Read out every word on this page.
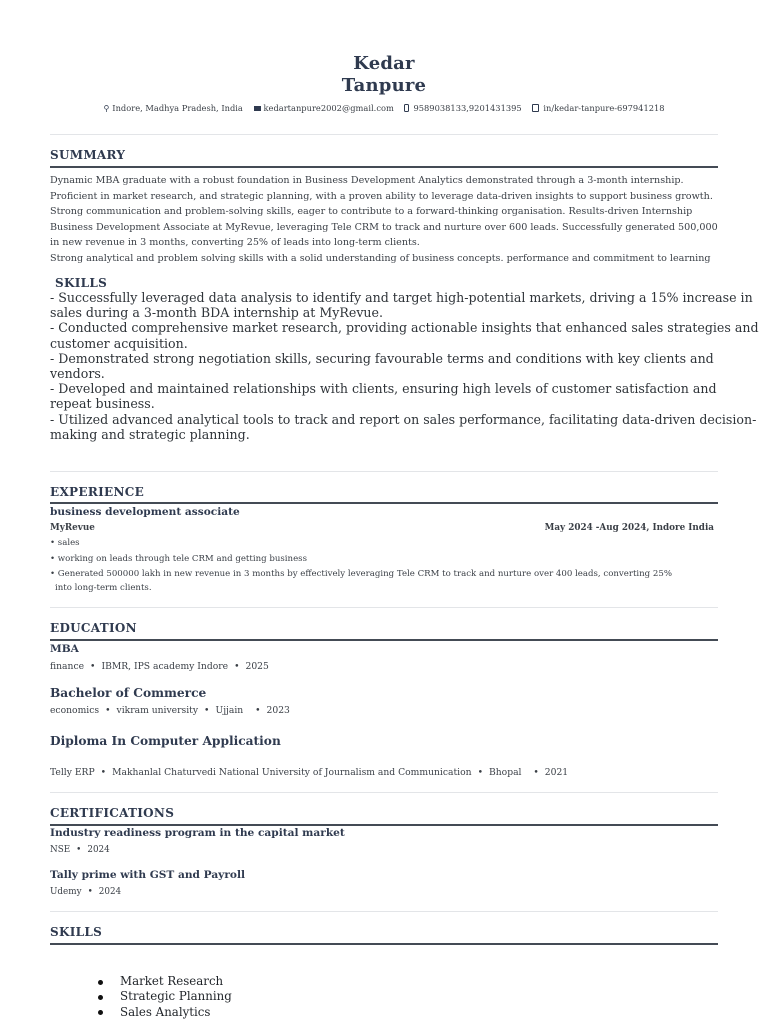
Kedar
Tanpure
⚲ Indore, Madhya Pradesh, India kedartanpure2002@gmail.com 9589038133,9201431395	in/kedar-tanpure-697941218
SUMMARY
Dynamic MBA graduate with a robust foundation in Business Development Analytics demonstrated through a 3-month internship.
Proficient in market research, and strategic planning, with a proven ability to leverage data-driven insights to support business growth.
Strong communication and problem-solving skills, eager to contribute to a forward-thinking organisation. Results-driven Internship
Business Development Associate at MyRevue, leveraging Tele CRM to track and nurture over 600 leads. Successfully generated 500,000
in new revenue in 3 months, converting 25% of leads into long-term clients.
Strong analytical and problem solving skills with a solid understanding of business concepts. performance and commitment to learning
SKILLS
- Successfully leveraged data analysis to identify and target high-potential markets, driving a 15% increase in
sales during a 3-month BDA internship at MyRevue.
- Conducted comprehensive market research, providing actionable insights that enhanced sales strategies and
customer acquisition.
- Demonstrated strong negotiation skills, securing favourable terms and conditions with key clients and
vendors.
- Developed and maintained relationships with clients, ensuring high levels of customer satisfaction and
repeat business.
- Utilized advanced analytical tools to track and report on sales performance, facilitating data-driven decision-
making and strategic planning.
EXPERIENCE
business development associate
MyRevue	May 2024 -Aug 2024, Indore India
• sales
• working on leads through tele CRM and getting business
• Generated 500000 lakh in new revenue in 3 months by effectively leveraging Tele CRM to track and nurture over 400 leads, converting 25%
into long-term clients.
EDUCATION
MBA
finance • IBMR, IPS academy Indore • 2025
Bachelor of Commerce
economics • vikram university • Ujjain • 2023
Diploma In Computer Application
Telly ERP • Makhanlal Chaturvedi National University of Journalism and Communication • Bhopal • 2021
CERTIFICATIONS
Industry readiness program in the capital market
NSE • 2024
Tally prime with GST and Payroll
Udemy • 2024
SKILLS
Market Research
Strategic Planning
Sales Analytics
